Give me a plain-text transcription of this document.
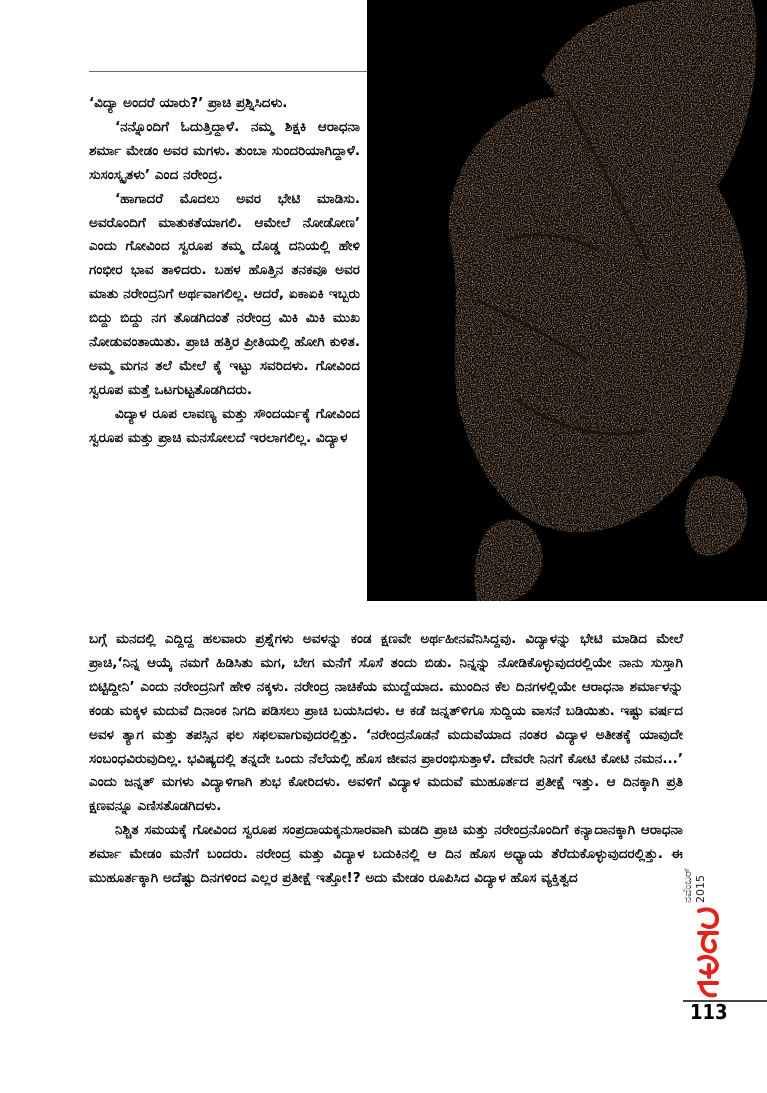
‘ವಿದ್ಯಾ ಅಂದರೆ ಯಾರು?’ ಪ್ರಾಚಿ ಪ್ರಶ್ನಿಸಿದಳು.

‘ನನ್ನೊಂದಿಗೆ ಓದುತ್ತಿದ್ದಾಳೆ. ನಮ್ಮ ಶಿಕ್ಷಕಿ ಆರಾಧನಾ ಶರ್ಮಾ ಮೇಡಂ ಅವರ ಮಗಳು. ತುಂಬಾ ಸುಂದರಿಯಾಗಿದ್ದಾಳೆ. ಸುಸಂಸ್ಕೃತಳು’ ಎಂದ ನರೇಂದ್ರ.

‘ಹಾಗಾದರೆ ಮೊದಲು ಅವರ ಭೇಟಿ ಮಾಡಿಸು. ಅವರೊಂದಿಗೆ ಮಾತುಕತೆಯಾಗಲಿ. ಆಮೇಲೆ ನೋಡೋಣ’ ಎಂದು ಗೋವಿಂದ ಸ್ವರೂಪ ತಮ್ಮ ದೊಡ್ಡ ದನಿಯಲ್ಲಿ ಹೇಳಿ ಗಂಭೀರ ಭಾವ ತಾಳಿದರು. ಬಹಳ ಹೊತ್ತಿನ ತನಕವೂ ಅವರ ಮಾತು ನರೇಂದ್ರನಿಗೆ ಅರ್ಥವಾಗಲಿಲ್ಲ. ಆದರೆ, ಏಕಾಏಕಿ ಇಬ್ಬರು ಬಿದ್ದು ಬಿದ್ದು ನಗ ತೊಡಗಿದಂತೆ ನರೇಂದ್ರ ಮಿಕಿ ಮಿಕಿ ಮುಖ ನೋಡುವಂತಾಯಿತು. ಪ್ರಾಚಿ ಹತ್ತಿರ ಪ್ರೀತಿಯಲ್ಲಿ ಹೋಗಿ ಕುಳಿತ. ಅಮ್ಮ ಮಗನ ತಲೆ ಮೇಲೆ ಕೈ ಇಟ್ಟು ಸವರಿದಳು. ಗೋವಿಂದ ಸ್ವರೂಪ ಮತ್ತೆ ಒಟಗುಟ್ಟತೊಡಗಿದರು.

ವಿದ್ಯಾಳ ರೂಪ ಲಾವಣ್ಯ ಮತ್ತು ಸೌಂದರ್ಯಕ್ಕೆ ಗೋವಿಂದ ಸ್ವರೂಪ ಮತ್ತು ಪ್ರಾಚಿ ಮನಸೋಲದೆ ಇರಲಾಗಲಿಲ್ಲ. ವಿದ್ಯಾಳ

ಬಗ್ಗೆ ಮನದಲ್ಲಿ ಎದ್ದಿದ್ದ ಹಲವಾರು ಪ್ರಶ್ನೆಗಳು ಅವಳನ್ನು ಕಂಡ ಕ್ಷಣವೇ ಅರ್ಥಹೀನವೆನಿಸಿದ್ದವು. ವಿದ್ಯಾಳನ್ನು ಭೇಟಿ ಮಾಡಿದ ಮೇಲೆ ಪ್ರಾಚಿ,‘ನಿನ್ನ ಆಯ್ಕೆ ನಮಗೆ ಹಿಡಿಸಿತು ಮಗ, ಬೇಗ ಮನೆಗೆ ಸೊಸೆ ತಂದು ಬಿಡು. ನಿನ್ನನ್ನು ನೋಡಿಕೊಳ್ಳುವುದರಲ್ಲಿಯೇ ನಾನು ಸುಸ್ತಾಗಿ ಬಿಟ್ಟಿದ್ದೀನಿ’ ಎಂದು ನರೇಂದ್ರನಿಗೆ ಹೇಳಿ ನಕ್ಕಳು. ನರೇಂದ್ರ ನಾಚಿಕೆಯ ಮುದ್ದೆಯಾದ. ಮುಂದಿನ ಕೆಲ ದಿನಗಳಲ್ಲಿಯೇ ಆರಾಧನಾ ಶರ್ಮಾಳನ್ನು ಕಂಡು ಮಕ್ಕಳ ಮದುವೆ ದಿನಾಂಕ ನಿಗದಿ ಪಡಿಸಲು ಪ್ರಾಚಿ ಬಯಸಿದಳು. ಆ ಕಡೆ ಜನ್ನತ್‌ಳಿಗೂ ಸುದ್ದಿಯ ವಾಸನೆ ಬಡಿಯಿತು. ಇಷ್ಟು ವರ್ಷದ ಅವಳ ತ್ಯಾಗ ಮತ್ತು ತಪಸ್ಸಿನ ಫಲ ಸಫಲವಾಗುವುದರಲ್ಲಿತ್ತು. ‘ನರೇಂದ್ರನೊಡನೆ ಮದುವೆಯಾದ ನಂತರ ವಿದ್ಯಾಳ ಅತೀತಕ್ಕೆ ಯಾವುದೇ ಸಂಬಂಧವಿರುವುದಿಲ್ಲ. ಭವಿಷ್ಯದಲ್ಲಿ ತನ್ನದೇ ಒಂದು ನೆಲೆಯಲ್ಲಿ ಹೊಸ ಜೀವನ ಪ್ರಾರಂಭಿಸುತ್ತಾಳೆ. ದೇವರೇ ನಿನಗೆ ಕೋಟಿ ಕೋಟಿ ನಮನ...’ ಎಂದು ಜನ್ನತ್ ಮಗಳು ವಿದ್ಯಾಳಿಗಾಗಿ ಶುಭ ಕೋರಿದಳು. ಅವಳಿಗೆ ವಿದ್ಯಾಳ ಮದುವೆ ಮುಹೂರ್ತದ ಪ್ರತೀಕ್ಷೆ ಇತ್ತು. ಆ ದಿನಕ್ಕಾಗಿ ಪ್ರತಿ ಕ್ಷಣವನ್ನೂ ಎಣಿಸತೊಡಗಿದಳು.

ನಿಶ್ಚಿತ ಸಮಯಕ್ಕೆ ಗೋವಿಂದ ಸ್ವರೂಪ ಸಂಪ್ರದಾಯಕ್ಕನುಸಾರವಾಗಿ ಮಡದಿ ಪ್ರಾಚಿ ಮತ್ತು ನರೇಂದ್ರನೊಂದಿಗೆ ಕನ್ಯಾದಾನಕ್ಕಾಗಿ ಆರಾಧನಾ ಶರ್ಮಾ ಮೇಡಂ ಮನೆಗೆ ಬಂದರು. ನರೇಂದ್ರ ಮತ್ತು ವಿದ್ಯಾಳ ಬದುಕಿನಲ್ಲಿ ಆ ದಿನ ಹೊಸ ಅಧ್ಯಾಯ ತೆರೆದುಕೊಳ್ಳುವುದರಲ್ಲಿತ್ತು. ಈ ಮುಹೂರ್ತಕ್ಕಾಗಿ ಅದೆಷ್ಟು ದಿನಗಳಿಂದ ಎಲ್ಲರ ಪ್ರತೀಕ್ಷೆ ಇತ್ತೋ!? ಅದು ಮೇಡಂ ರೂಪಿಸಿದ ವಿದ್ಯಾಳ ಹೊಸ ವ್ಯಕ್ತಿತ್ವದ	ನವೆಂಬರ್ 2015
113
